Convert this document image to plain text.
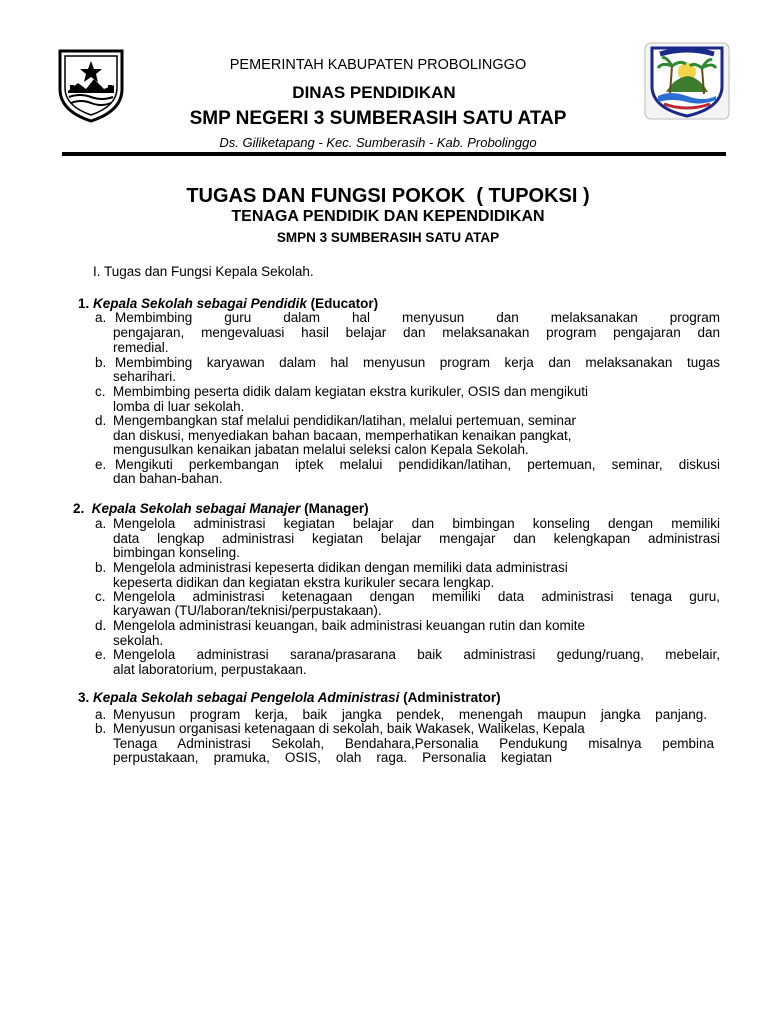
PEMERINTAH KABUPATEN PROBOLINGGO
DINAS PENDIDIKAN
SMP NEGERI 3 SUMBERASIH SATU ATAP
Ds. Giliketapang - Kec. Sumberasih - Kab. Probolinggo
TUGAS DAN FUNGSI POKOK  ( TUPOKSI )
TENAGA PENDIDIK DAN KEPENDIDIKAN
SMPN 3 SUMBERASIH SATU ATAP
I. Tugas dan Fungsi Kepala Sekolah.
1. Kepala Sekolah sebagai Pendidik (Educator)
a. Membimbing guru dalam hal menyusun dan melaksanakan program
pengajaran, mengevaluasi hasil belajar dan melaksanakan program pengajaran dan
remedial.
b. Membimbing karyawan dalam hal menyusun program kerja dan melaksanakan tugas
seharihari.
c. Membimbing peserta didik dalam kegiatan ekstra kurikuler, OSIS dan mengikuti
lomba di luar sekolah.
d. Mengembangkan staf melalui pendidikan/latihan, melalui pertemuan, seminar
dan diskusi, menyediakan bahan bacaan, memperhatikan kenaikan pangkat,
mengusulkan kenaikan jabatan melalui seleksi calon Kepala Sekolah.
e. Mengikuti perkembangan iptek melalui pendidikan/latihan, pertemuan, seminar, diskusi
dan bahan-bahan.
2. Kepala Sekolah sebagai Manajer (Manager)
a. Mengelola administrasi kegiatan belajar dan bimbingan konseling dengan memiliki
data lengkap administrasi kegiatan belajar mengajar dan kelengkapan administrasi
bimbingan konseling.
b. Mengelola administrasi kepeserta didikan dengan memiliki data administrasi
kepeserta didikan dan kegiatan ekstra kurikuler secara lengkap.
c. Mengelola administrasi ketenagaan dengan memiliki data administrasi tenaga guru,
karyawan (TU/laboran/teknisi/perpustakaan).
d. Mengelola administrasi keuangan, baik administrasi keuangan rutin dan komite
sekolah.
e. Mengelola administrasi sarana/prasarana baik administrasi gedung/ruang, mebelair,
alat laboratorium, perpustakaan.
3. Kepala Sekolah sebagai Pengelola Administrasi (Administrator)
a. Menyusun program kerja, baik jangka pendek, menengah maupun jangka panjang.
b. Menyusun organisasi ketenagaan di sekolah, baik Wakasek, Walikelas, Kepala
Tenaga Administrasi Sekolah, Bendahara,Personalia Pendukung misalnya pembina
perpustakaan, pramuka, OSIS, olah raga. Personalia kegiatan
